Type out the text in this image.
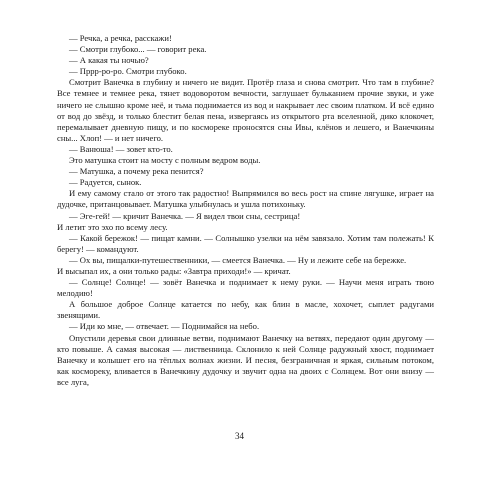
— Речка, а речка, расскажи!

— Смотри глубоко... — говорит река.

— А какая ты ночью?

— Пррр-ро-ро. Смотри глубоко.

Смотрит Ванечка в глубину и ничего не видит. Протёр глаза и снова смотрит. Что там в глубине? Все темнее и темнее река, тянет водоворотом вечности, заглушает бульканием прочие звуки, и уже ничего не слышно кроме неё, и тьма поднимается из вод и накрывает лес своим платком. И всё едино от вод до звёзд, и только блестит белая пена, извергаясь из открытого рта вселенной, дико клокочет, перемалывает дневную пищу, и по космореке проносятся сны Ивы, клёнов и лешего, и Ванечкины сны... Хлоп! — и нет ничего.

— Ванюша! — зовет кто-то.

Это матушка стоит на мосту с полным ведром воды.

— Матушка, а почему река пенится?

— Радуется, сынок.

И ему самому стало от этого так радостно! Выпрямился во весь рост на спине лягушке, играет на дудочке, пританцовывает. Матушка улыбнулась и ушла потихоньку.

— Эге-гей! — кричит Ванечка. — Я видел твои сны, сестрица!

И летит это эхо по всему лесу.

— Какой бережок! — пищат камни. — Солнышко узелки на нём завязало. Хотим там полежать! К берегу! — командуют.

— Ох вы, пищалки-путешественники, — смеется Ванечка. — Ну и лежите себе на бережке.

И высыпал их, а они только рады: «Завтра приходи!» — кричат.

— Солнце! Солнце! — зовёт Ванечка и поднимает к нему руки. — Научи меня играть твою мелодию!

А большое доброе Солнце катается по небу, как блин в масле, хохочет, сыплет радугами звенящими.

— Иди ко мне, — отвечает. — Поднимайся на небо.

Опустили деревья свои длинные ветви, поднимают Ванечку на ветвях, передают один другому — кто повыше. А самая высокая — лиственница. Склонило к ней Солнце радужный хвост, поднимает Ванечку и колышет его на тёплых волнах жизни. И песня, безграничная и яркая, сильным потоком, как космореку, вливается в Ванечкину дудочку и звучит одна на двоих с Солнцем. Вот они внизу — все луга,

34
